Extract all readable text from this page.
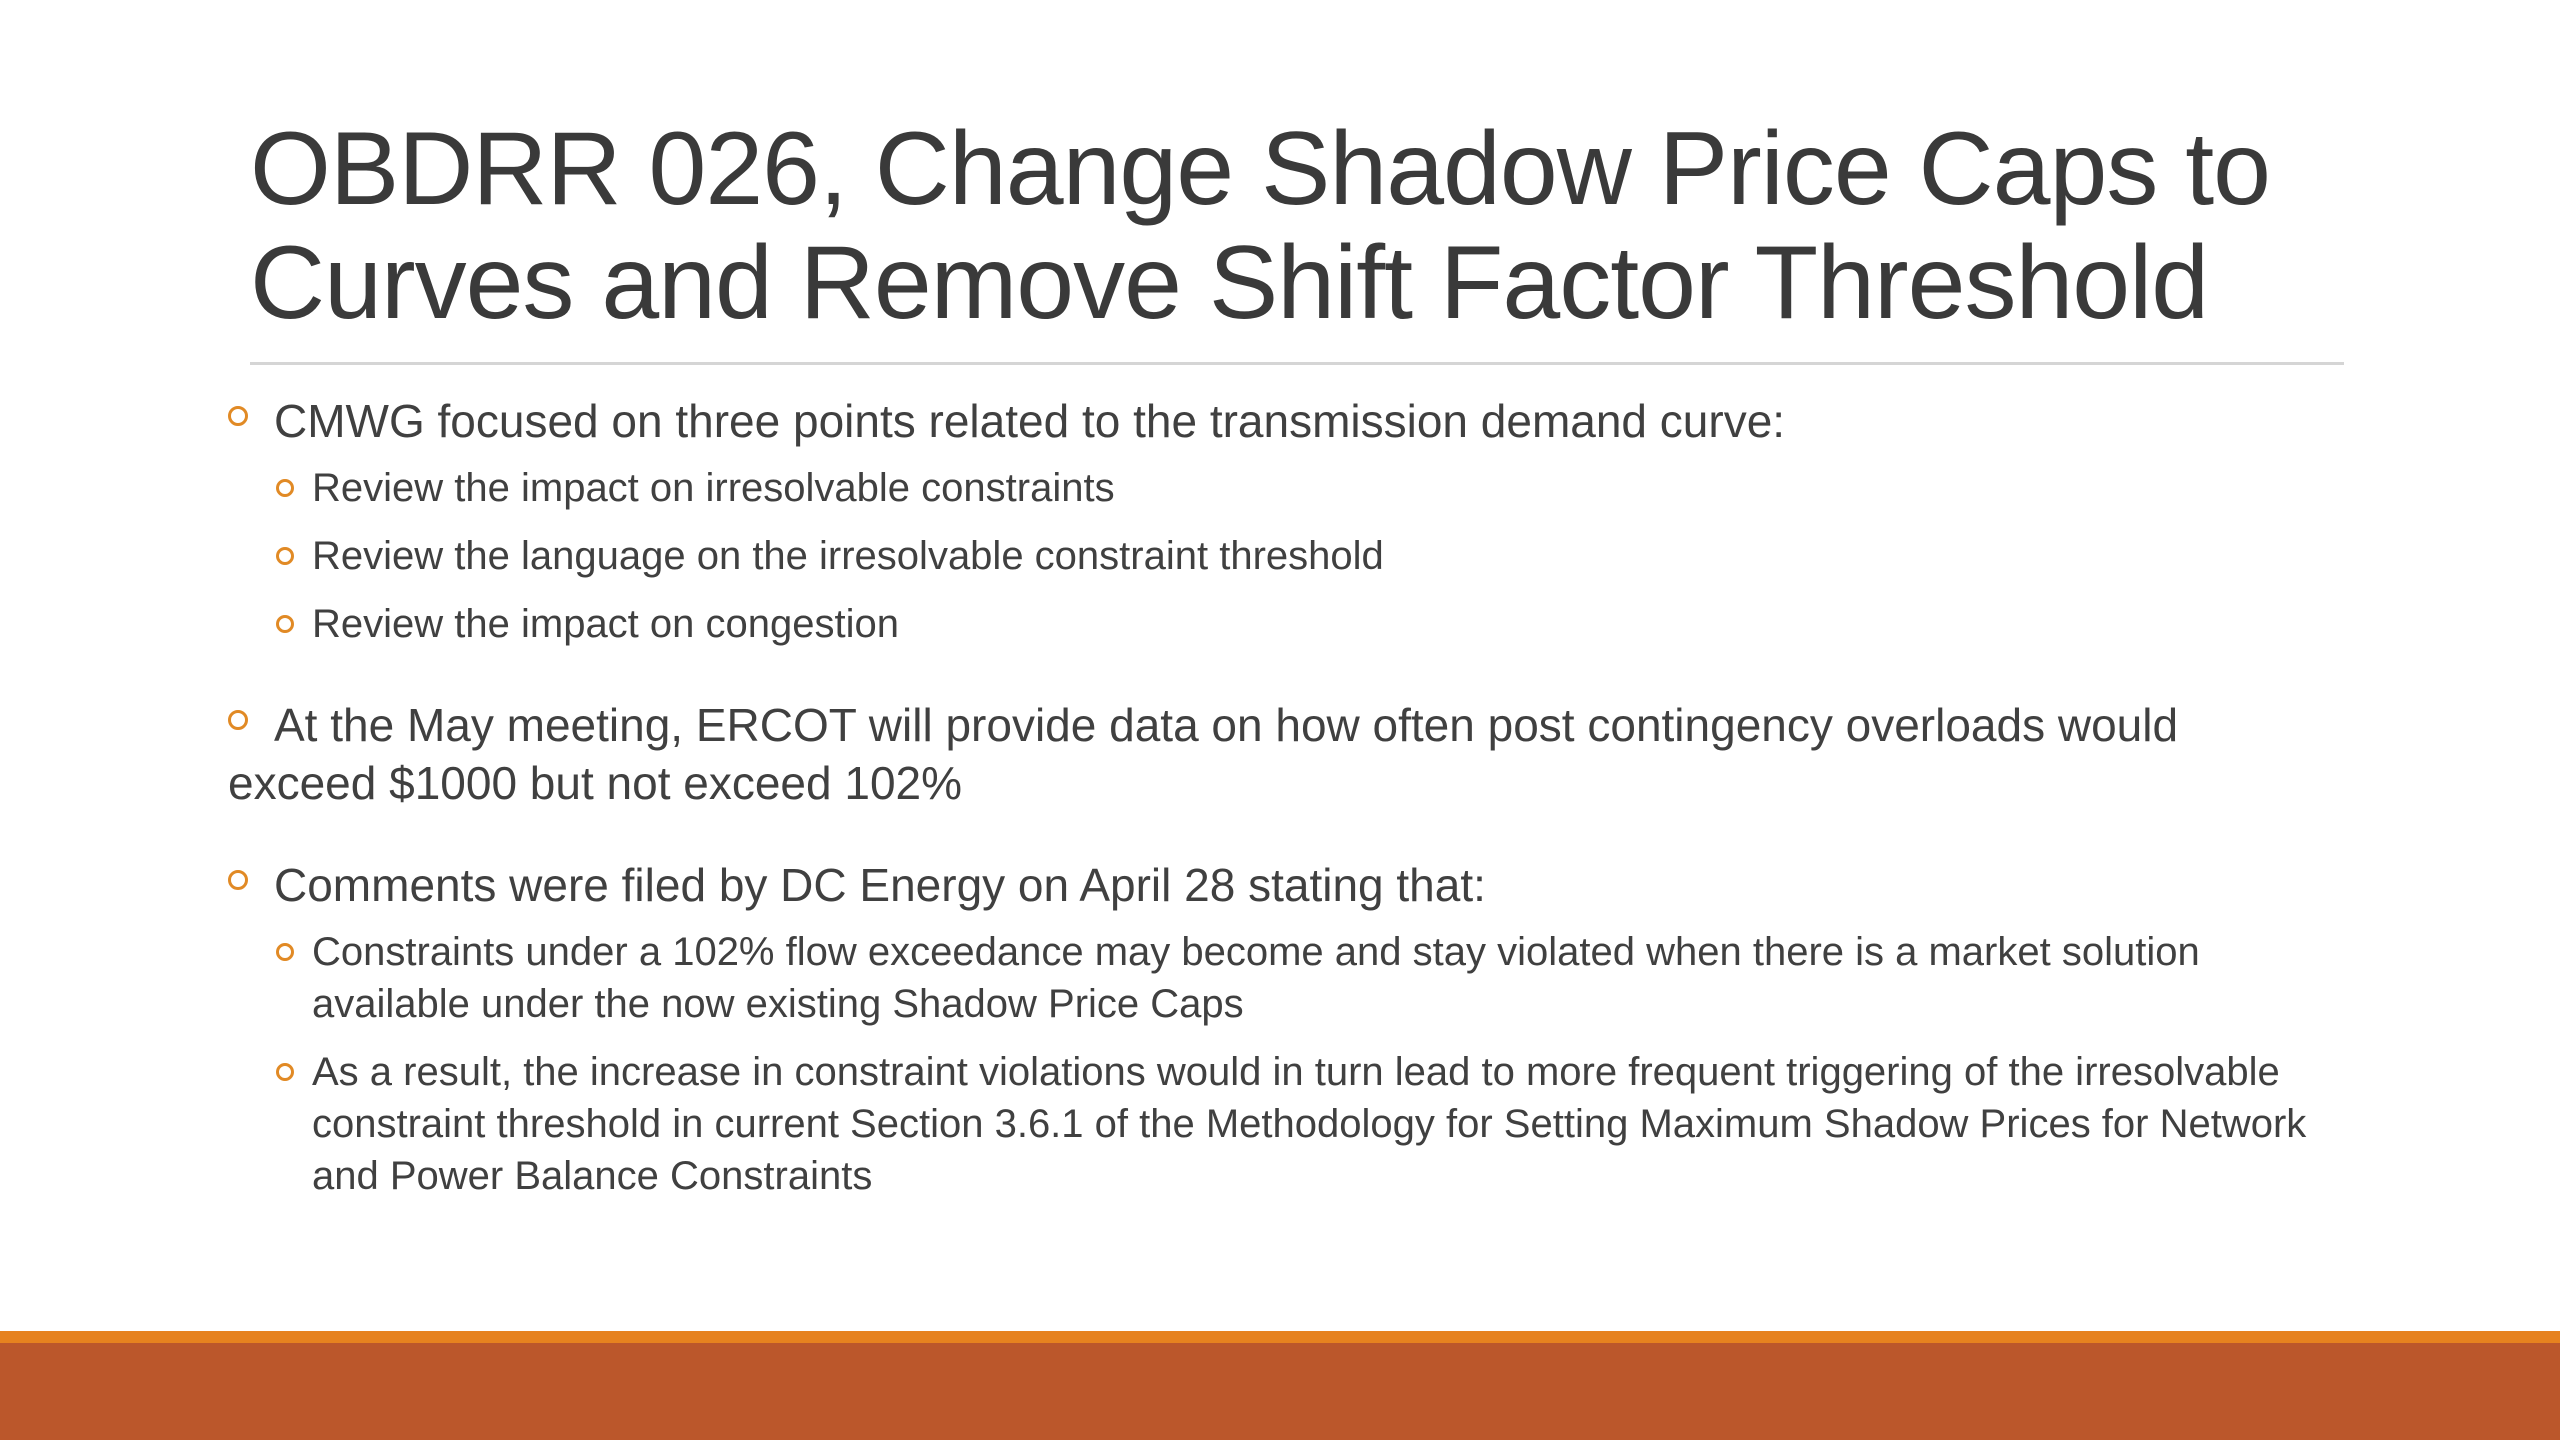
OBDRR 026, Change Shadow Price Caps to
Curves and Remove Shift Factor Threshold
CMWG focused on three points related to the transmission demand curve:
Review the impact on irresolvable constraints
Review the language on the irresolvable constraint threshold
Review the impact on congestion
At the May meeting, ERCOT will provide data on how often post contingency overloads would exceed $1000 but not exceed 102%
Comments were filed by DC Energy on April 28 stating that:
Constraints under a 102% flow exceedance may become and stay violated when there is a market solution available under the now existing Shadow Price Caps
As a result, the increase in constraint violations would in turn lead to more frequent triggering of the irresolvable constraint threshold in current Section 3.6.1 of the Methodology for Setting Maximum Shadow Prices for Network and Power Balance Constraints
